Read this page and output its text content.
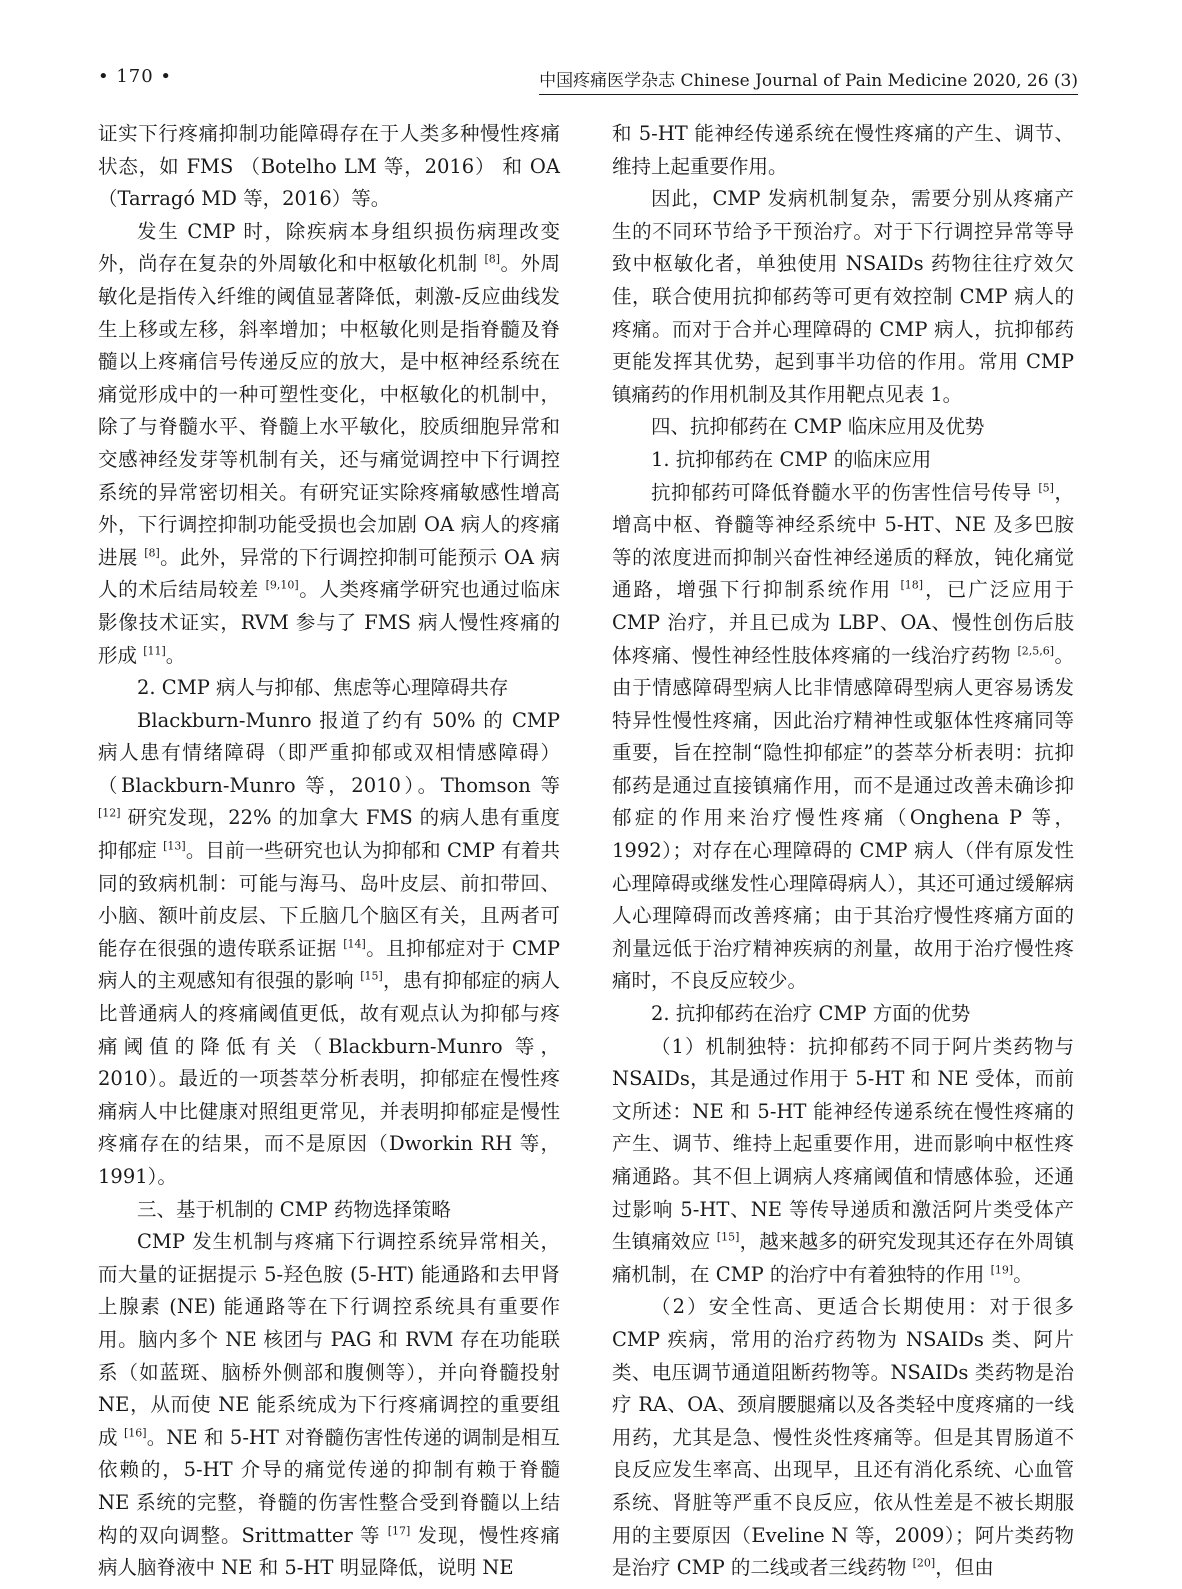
• 170 •	中国疼痛医学杂志 Chinese Journal of Pain Medicine 2020, 26 (3)

证实下行疼痛抑制功能障碍存在于人类多种慢性疼痛状态，如 FMS （Botelho LM 等，2016） 和 OA（Tarragó MD 等，2016）等。

发生 CMP 时，除疾病本身组织损伤病理改变外，尚存在复杂的外周敏化和中枢敏化机制 [8]。外周敏化是指传入纤维的阈值显著降低，刺激-反应曲线发生上移或左移，斜率增加；中枢敏化则是指脊髓及脊髓以上疼痛信号传递反应的放大，是中枢神经系统在痛觉形成中的一种可塑性变化，中枢敏化的机制中，除了与脊髓水平、脊髓上水平敏化，胶质细胞异常和交感神经发芽等机制有关，还与痛觉调控中下行调控系统的异常密切相关。有研究证实除疼痛敏感性增高外，下行调控抑制功能受损也会加剧 OA 病人的疼痛进展 [8]。此外，异常的下行调控抑制可能预示 OA 病人的术后结局较差 [9,10]。人类疼痛学研究也通过临床影像技术证实，RVM 参与了 FMS 病人慢性疼痛的形成 [11]。

2. CMP 病人与抑郁、焦虑等心理障碍共存

Blackburn-Munro 报道了约有 50% 的 CMP 病人患有情绪障碍（即严重抑郁或双相情感障碍）（Blackburn-Munro 等，2010）。Thomson 等 [12] 研究发现，22% 的加拿大 FMS 的病人患有重度抑郁症 [13]。目前一些研究也认为抑郁和 CMP 有着共同的致病机制：可能与海马、岛叶皮层、前扣带回、小脑、额叶前皮层、下丘脑几个脑区有关，且两者可能存在很强的遗传联系证据 [14]。且抑郁症对于 CMP 病人的主观感知有很强的影响 [15]，患有抑郁症的病人比普通病人的疼痛阈值更低，故有观点认为抑郁与疼痛阈值的降低有关（Blackburn-Munro 等，2010）。最近的一项荟萃分析表明，抑郁症在慢性疼痛病人中比健康对照组更常见，并表明抑郁症是慢性疼痛存在的结果，而不是原因（Dworkin RH 等，1991）。

三、基于机制的 CMP 药物选择策略

CMP 发生机制与疼痛下行调控系统异常相关，而大量的证据提示 5-羟色胺 (5-HT) 能通路和去甲肾上腺素 (NE) 能通路等在下行调控系统具有重要作用。脑内多个 NE 核团与 PAG 和 RVM 存在功能联系（如蓝斑、脑桥外侧部和腹侧等），并向脊髓投射 NE，从而使 NE 能系统成为下行疼痛调控的重要组成 [16]。NE 和 5-HT 对脊髓伤害性传递的调制是相互依赖的，5-HT 介导的痛觉传递的抑制有赖于脊髓 NE 系统的完整，脊髓的伤害性整合受到脊髓以上结构的双向调整。Srittmatter 等 [17] 发现，慢性疼痛病人脑脊液中 NE 和 5-HT 明显降低，说明 NE

和 5-HT 能神经传递系统在慢性疼痛的产生、调节、维持上起重要作用。

因此，CMP 发病机制复杂，需要分别从疼痛产生的不同环节给予干预治疗。对于下行调控异常等导致中枢敏化者，单独使用 NSAIDs 药物往往疗效欠佳，联合使用抗抑郁药等可更有效控制 CMP 病人的疼痛。而对于合并心理障碍的 CMP 病人，抗抑郁药更能发挥其优势，起到事半功倍的作用。常用 CMP 镇痛药的作用机制及其作用靶点见表 1。

四、抗抑郁药在 CMP 临床应用及优势

1. 抗抑郁药在 CMP 的临床应用

抗抑郁药可降低脊髓水平的伤害性信号传导 [5]，增高中枢、脊髓等神经系统中 5-HT、NE 及多巴胺等的浓度进而抑制兴奋性神经递质的释放，钝化痛觉通路，增强下行抑制系统作用 [18]，已广泛应用于 CMP 治疗，并且已成为 LBP、OA、慢性创伤后肢体疼痛、慢性神经性肢体疼痛的一线治疗药物 [2,5,6]。由于情感障碍型病人比非情感障碍型病人更容易诱发特异性慢性疼痛，因此治疗精神性或躯体性疼痛同等重要，旨在控制“隐性抑郁症”的荟萃分析表明：抗抑郁药是通过直接镇痛作用，而不是通过改善未确诊抑郁症的作用来治疗慢性疼痛（Onghena P 等，1992）；对存在心理障碍的 CMP 病人（伴有原发性心理障碍或继发性心理障碍病人），其还可通过缓解病人心理障碍而改善疼痛；由于其治疗慢性疼痛方面的剂量远低于治疗精神疾病的剂量，故用于治疗慢性疼痛时，不良反应较少。

2. 抗抑郁药在治疗 CMP 方面的优势

（1）机制独特：抗抑郁药不同于阿片类药物与 NSAIDs，其是通过作用于 5-HT 和 NE 受体，而前文所述：NE 和 5-HT 能神经传递系统在慢性疼痛的产生、调节、维持上起重要作用，进而影响中枢性疼痛通路。其不但上调病人疼痛阈值和情感体验，还通过影响 5-HT、NE 等传导递质和激活阿片类受体产生镇痛效应 [15]，越来越多的研究发现其还存在外周镇痛机制，在 CMP 的治疗中有着独特的作用 [19]。

（2）安全性高、更适合长期使用：对于很多 CMP 疾病，常用的治疗药物为 NSAIDs 类、阿片类、电压调节通道阻断药物等。NSAIDs 类药物是治疗 RA、OA、颈肩腰腿痛以及各类轻中度疼痛的一线用药，尤其是急、慢性炎性疼痛等。但是其胃肠道不良反应发生率高、出现早，且还有消化系统、心血管系统、肾脏等严重不良反应，依从性差是不被长期服用的主要原因（Eveline N 等，2009）；阿片类药物是治疗 CMP 的二线或者三线药物 [20]，但由
